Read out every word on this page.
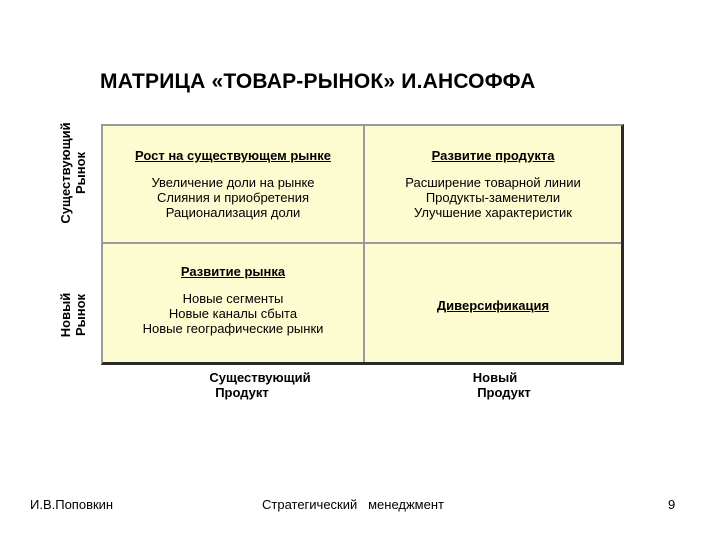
МАТРИЦА «ТОВАР-РЫНОК» И.АНСОФФА
Существующий Рынок
Новый Рынок
Рост на существующем рынке
Увеличение доли на рынке
Слияния и приобретения
Рационализация доли
Развитие продукта
Расширение товарной линии
Продукты-заменители
Улучшение характеристик
Развитие рынка
Новые сегменты
Новые каналы сбыта
Новые географические рынки
Диверсификация
Существующий
Продукт
Новый
Продукт
И.В.Поповкин	Стратегический   менеджмент	9
